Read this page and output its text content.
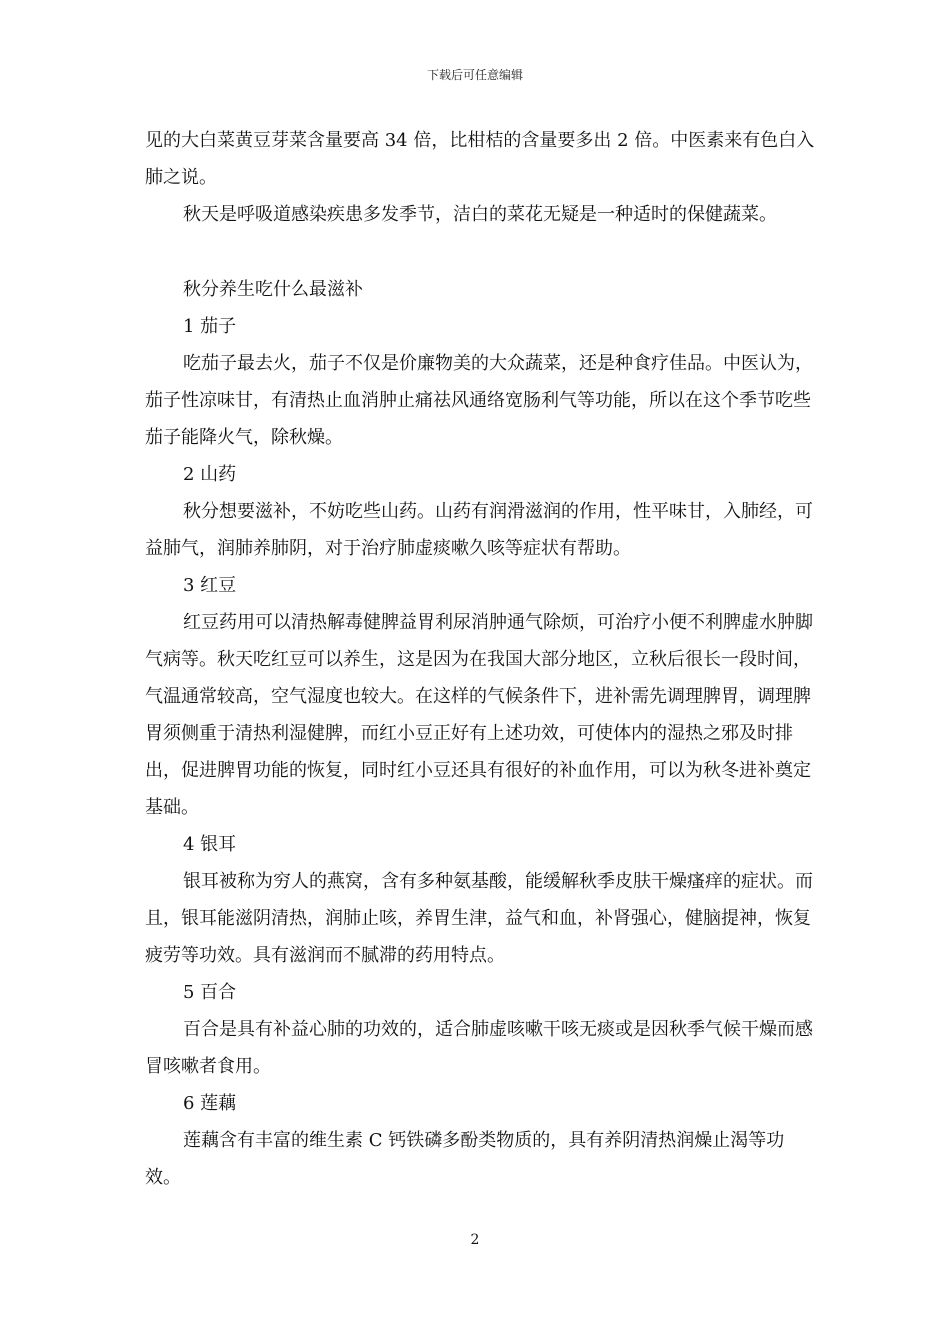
下载后可任意编辑

见的大白菜黄豆芽菜含量要高 34 倍，比柑桔的含量要多出 2 倍。中医素来有色白入肺之说。

秋天是呼吸道感染疾患多发季节，洁白的菜花无疑是一种适时的保健蔬菜。

秋分养生吃什么最滋补

1 茄子

吃茄子最去火，茄子不仅是价廉物美的大众蔬菜，还是种食疗佳品。中医认为，茄子性凉味甘，有清热止血消肿止痛祛风通络宽肠利气等功能，所以在这个季节吃些茄子能降火气，除秋燥。

2 山药

秋分想要滋补，不妨吃些山药。山药有润滑滋润的作用，性平味甘，入肺经，可益肺气，润肺养肺阴，对于治疗肺虚痰嗽久咳等症状有帮助。

3 红豆

红豆药用可以清热解毒健脾益胃利尿消肿通气除烦，可治疗小便不利脾虚水肿脚气病等。秋天吃红豆可以养生，这是因为在我国大部分地区，立秋后很长一段时间，气温通常较高，空气湿度也较大。在这样的气候条件下，进补需先调理脾胃，调理脾胃须侧重于清热利湿健脾，而红小豆正好有上述功效，可使体内的湿热之邪及时排出，促进脾胃功能的恢复，同时红小豆还具有很好的补血作用，可以为秋冬进补奠定基础。

4 银耳

银耳被称为穷人的燕窝，含有多种氨基酸，能缓解秋季皮肤干燥瘙痒的症状。而且，银耳能滋阴清热，润肺止咳，养胃生津，益气和血，补肾强心，健脑提神，恢复疲劳等功效。具有滋润而不腻滞的药用特点。

5 百合

百合是具有补益心肺的功效的，适合肺虚咳嗽干咳无痰或是因秋季气候干燥而感冒咳嗽者食用。

6 莲藕

莲藕含有丰富的维生素 C 钙铁磷多酚类物质的，具有养阴清热润燥止渴等功效。

2
